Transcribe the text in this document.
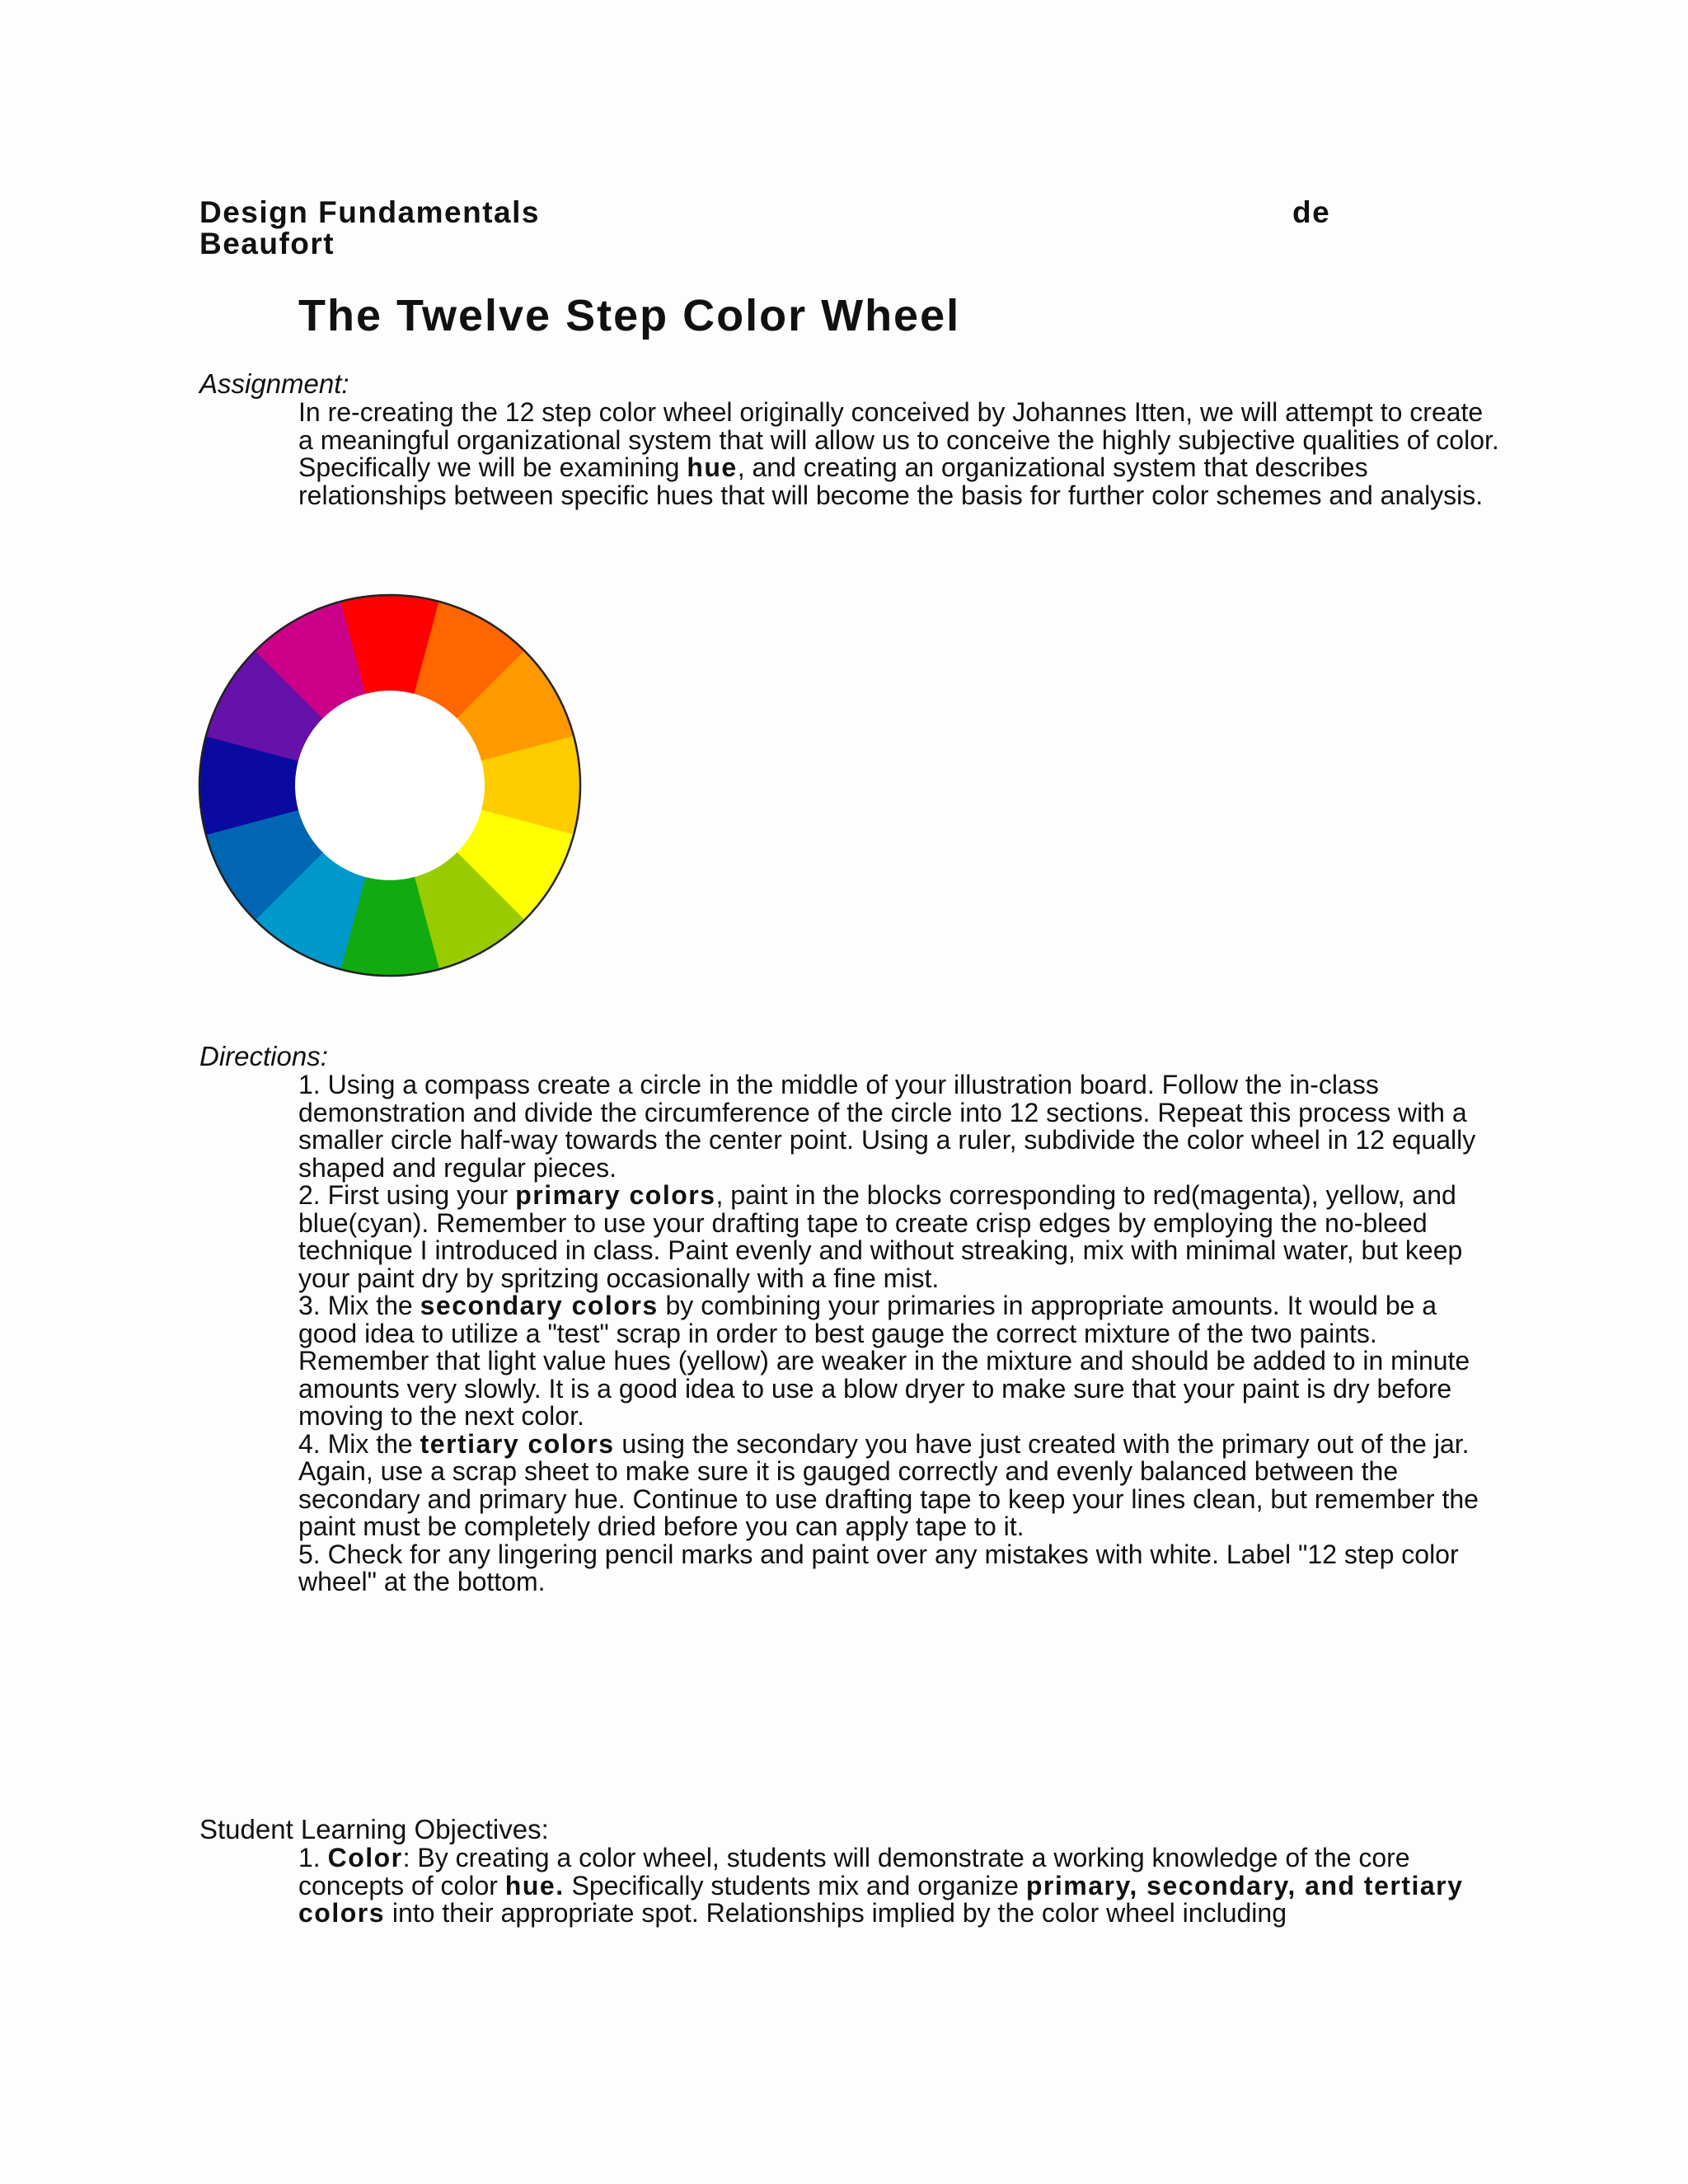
Design Fundamentals	de
Beaufort
The Twelve Step Color Wheel
Assignment:

In re-creating the 12 step color wheel originally conceived by Johannes Itten, we will attempt to create a meaningful organizational system that will allow us to conceive the highly subjective qualities of color. Specifically we will be examining hue, and creating an organizational system that describes relationships between specific hues that will become the basis for further color schemes and analysis.

Directions:

1. Using a compass create a circle in the middle of your illustration board. Follow the in-class demonstration and divide the circumference of the circle into 12 sections. Repeat this process with a smaller circle half-way towards the center point. Using a ruler, subdivide the color wheel in 12 equally shaped and regular pieces.

2. First using your primary colors, paint in the blocks corresponding to red(magenta), yellow, and blue(cyan). Remember to use your drafting tape to create crisp edges by employing the no-bleed technique I introduced in class. Paint evenly and without streaking, mix with minimal water, but keep your paint dry by spritzing occasionally with a fine mist.

3. Mix the secondary colors by combining your primaries in appropriate amounts. It would be a good idea to utilize a "test" scrap in order to best gauge the correct mixture of the two paints. Remember that light value hues (yellow) are weaker in the mixture and should be added to in minute amounts very slowly. It is a good idea to use a blow dryer to make sure that your paint is dry before moving to the next color.

4. Mix the tertiary colors using the secondary you have just created with the primary out of the jar. Again, use a scrap sheet to make sure it is gauged correctly and evenly balanced between the secondary and primary hue. Continue to use drafting tape to keep your lines clean, but remember the paint must be completely dried before you can apply tape to it.

5. Check for any lingering pencil marks and paint over any mistakes with white. Label "12 step color wheel" at the bottom.

Student Learning Objectives:

1. Color: By creating a color wheel, students will demonstrate a working knowledge of the core concepts of color hue. Specifically students mix and organize primary, secondary, and tertiary colors into their appropriate spot. Relationships implied by the color wheel including
